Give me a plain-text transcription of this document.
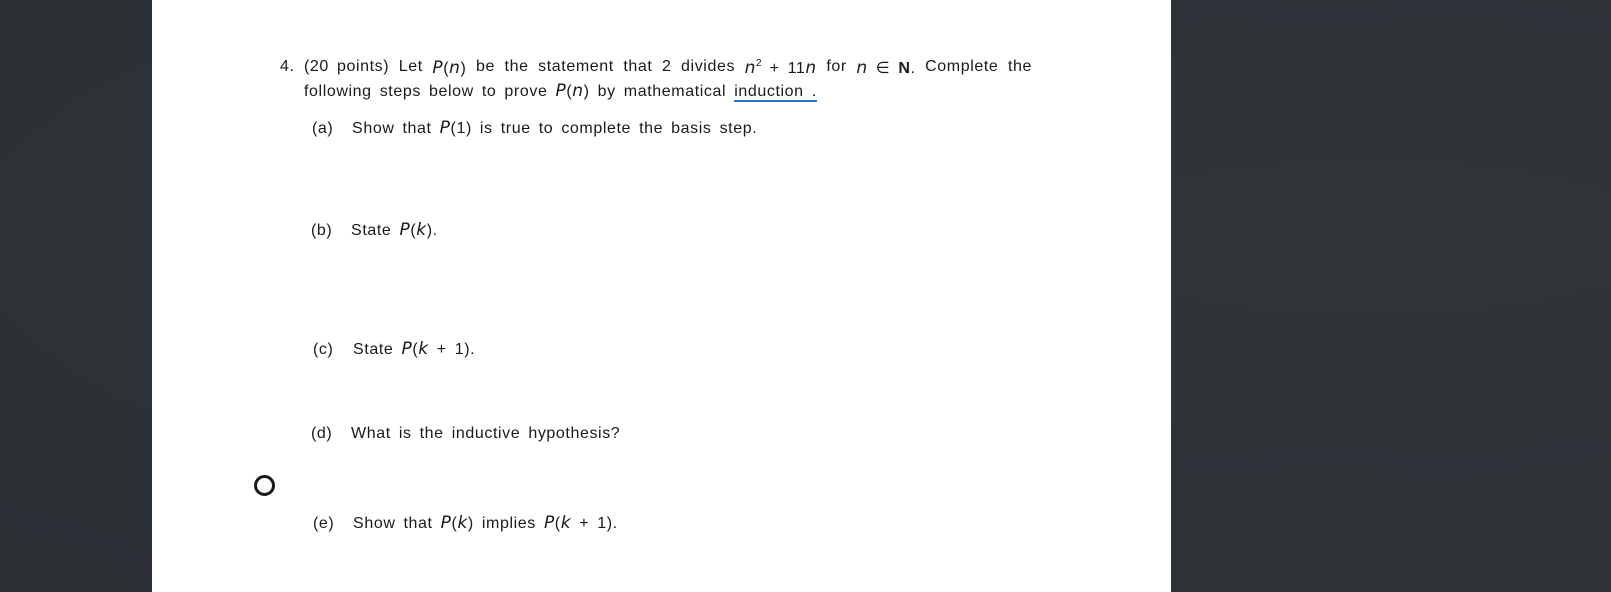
4. (20 points) Let P(n) be the statement that 2 divides $n^2 + 11n$ for n ∈ N. Complete the
following steps below to prove P(n) by mathematical induction .
(a) Show that P(1) is true to complete the basis step.
(b) State P(k).
(c) State P(k + 1).
(d) What is the inductive hypothesis?
(e) Show that P(k) implies P(k + 1).
